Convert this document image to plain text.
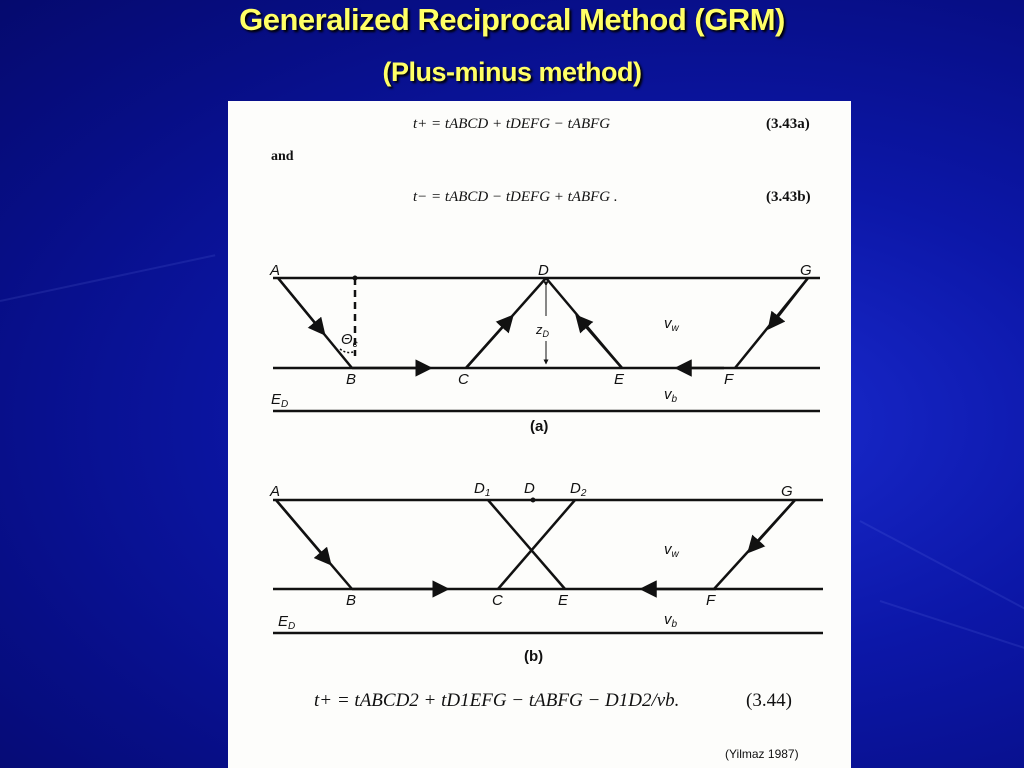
Generalized Reciprocal Method (GRM)
(Plus-minus method)
t+ = tABCD + tDEFG − tABFG	(3.43a)
and
t− = tABCD − tDEFG + tABFG .	(3.43b)
A	D	G
B	C	E	F
$E_D$
$\Theta_c$
$z_D$
$v_w$
$v_b$
(a)
A	$D_1$ D $D_2$	G
B	C	E	F
$E_D$
$v_w$
$v_b$
(b)
t+ = tABCD2 + tD1EFG − tABFG − D1D2/vb.	(3.44)
(Yilmaz 1987)
